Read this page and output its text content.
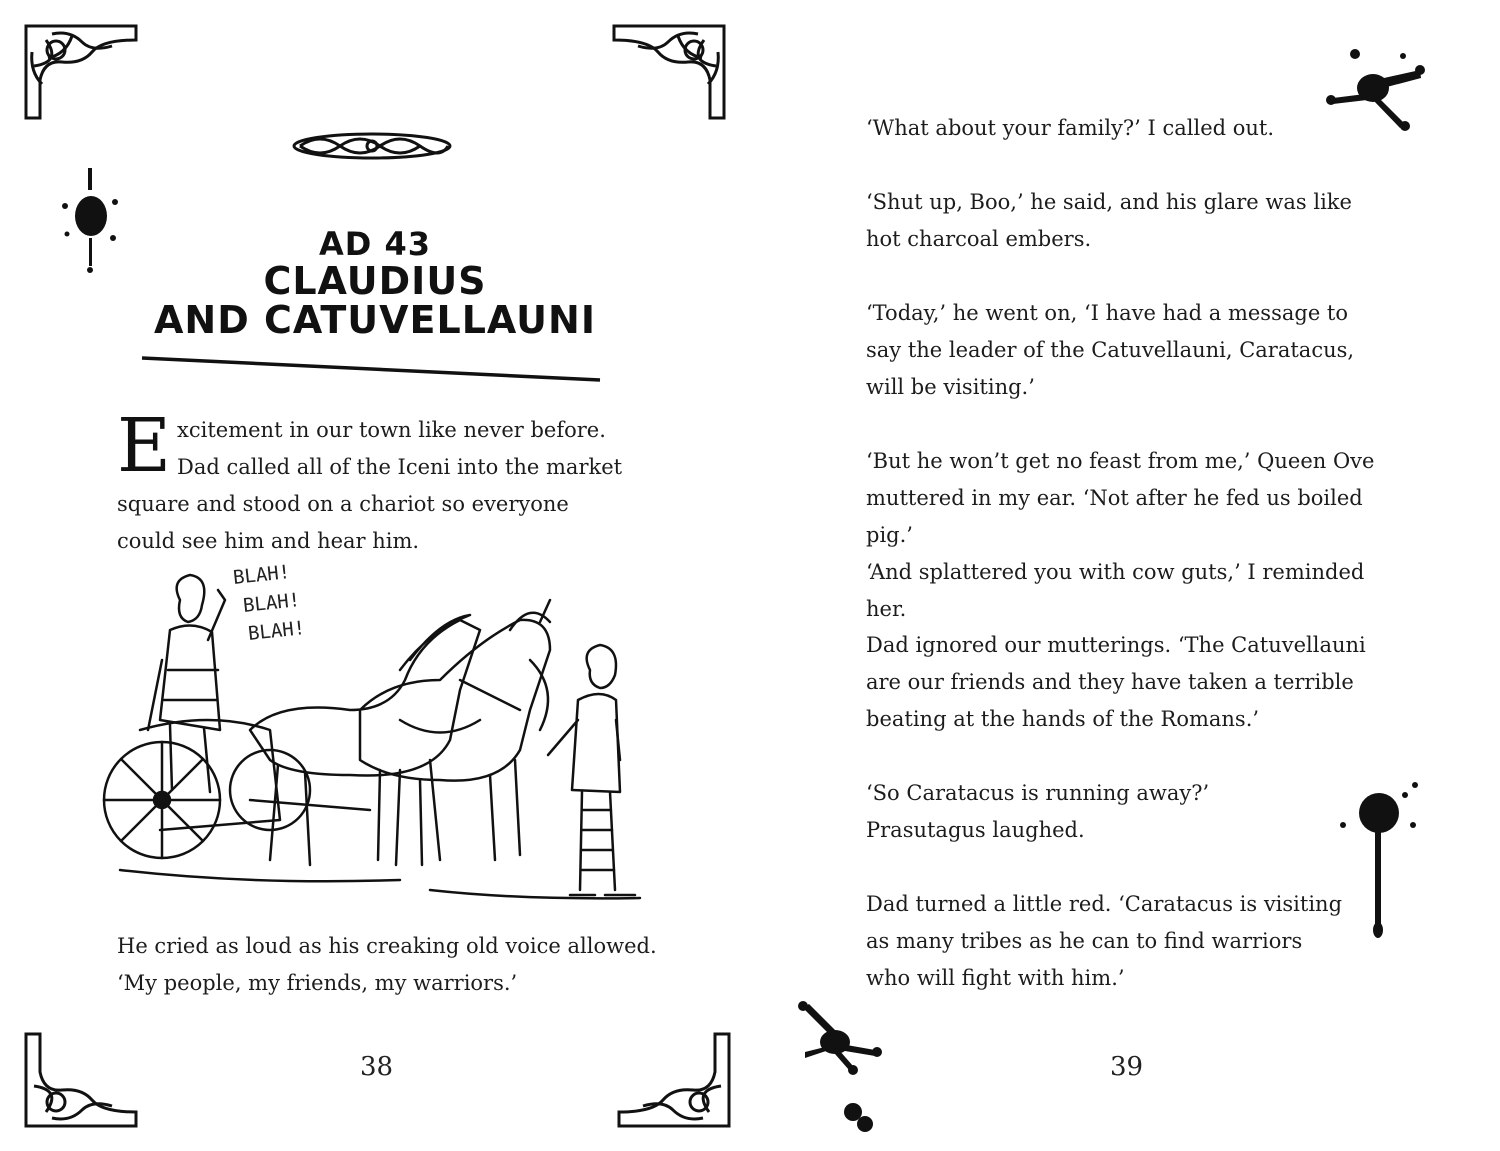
AD 43
CLAUDIUS
AND CATUVELLAUNI
E xcitement in our town like never before. Dad called all of the Iceni into the market square and stood on a chariot so everyone could see him and hear him.
BLAH!
BLAH!
BLAH!

He cried as loud as his creaking old voice allowed.

‘My people, my friends, my warriors.’

38
‘What about your family?’ I called out.
‘Shut up, Boo,’ he said, and his glare was like hot charcoal embers.
‘Today,’ he went on, ‘I have had a message to say the leader of the Catuvellauni, Caratacus, will be visiting.’
‘But he won’t get no feast from me,’ Queen Ove muttered in my ear. ‘Not after he fed us boiled pig.’
‘And splattered you with cow guts,’ I reminded her.
Dad ignored our mutterings. ‘The Catuvellauni are our friends and they have taken a terrible beating at the hands of the Romans.’
‘So Caratacus is running away?’ Prasutagus laughed.
Dad turned a little red. ‘Caratacus is visiting as many tribes as he can to find warriors who will fight with him.’
39
